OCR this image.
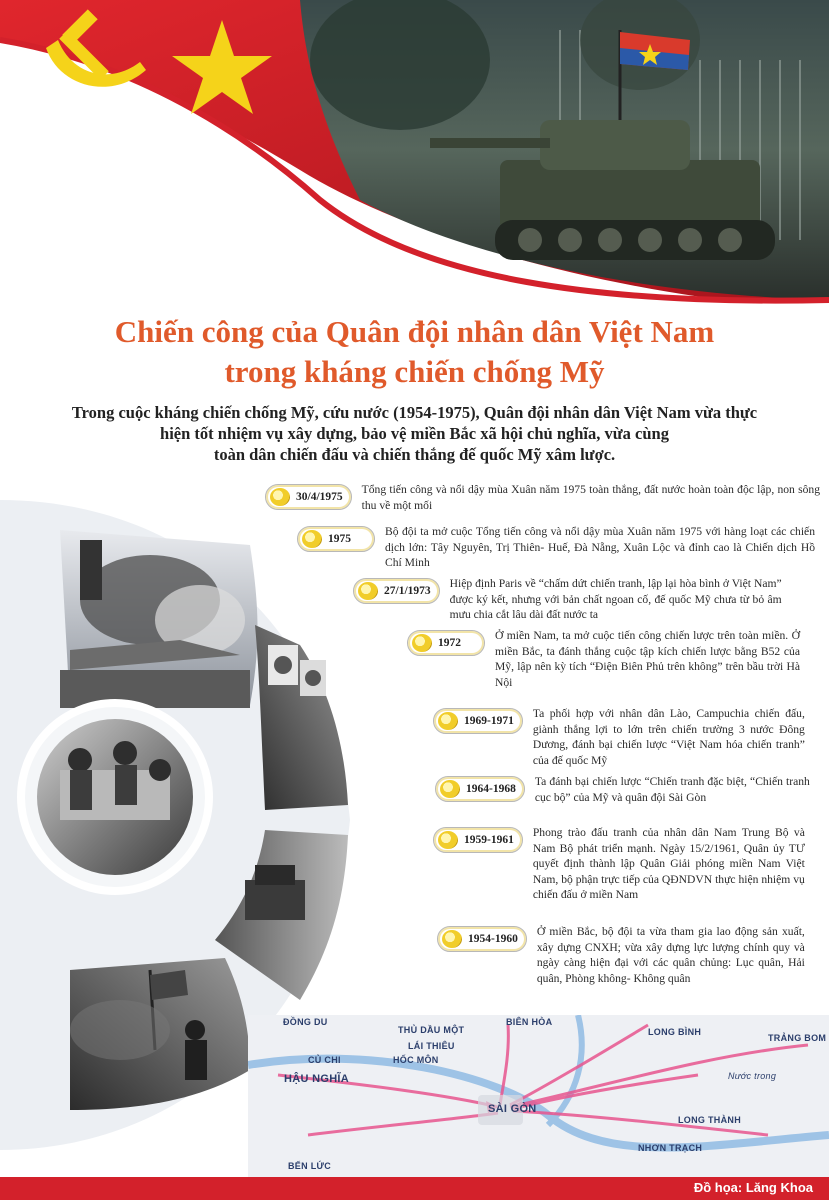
Chiến công của Quân đội nhân dân Việt Nam
trong kháng chiến chống Mỹ
Trong cuộc kháng chiến chống Mỹ, cứu nước (1954-1975), Quân đội nhân dân Việt Nam vừa thực
hiện tốt nhiệm vụ xây dựng, bảo vệ miền Bắc xã hội chủ nghĩa, vừa cùng
toàn dân chiến đấu và chiến thắng đế quốc Mỹ xâm lược.
30/4/1975
Tổng tiến công và nổi dậy mùa Xuân năm 1975 toàn thắng, đất nước hoàn toàn độc lập, non sông thu về một mối
1975
Bộ đội ta mở cuộc Tổng tiến công và nổi dậy mùa Xuân năm 1975 với hàng loạt các chiến dịch lớn: Tây Nguyên, Trị Thiên- Huế, Đà Nẵng, Xuân Lộc và đỉnh cao là Chiến dịch Hồ Chí Minh
27/1/1973
Hiệp định Paris về “chấm dứt chiến tranh, lập lại hòa bình ở Việt Nam” được ký kết, nhưng với bản chất ngoan cố, đế quốc Mỹ chưa từ bỏ âm mưu chia cắt lâu dài đất nước ta
1972
Ở miền Nam, ta mở cuộc tiến công chiến lược trên toàn miền. Ở miền Bắc, ta đánh thắng cuộc tập kích chiến lược bằng B52 của Mỹ, lập nên kỳ tích “Điện Biên Phủ trên không” trên bầu trời Hà Nội
1969-1971
Ta phối hợp với nhân dân Lào, Campuchia chiến đấu, giành thắng lợi to lớn trên chiến trường 3 nước Đông Dương, đánh bại chiến lược “Việt Nam hóa chiến tranh” của đế quốc Mỹ
1964-1968
Ta đánh bại chiến lược “Chiến tranh đặc biệt, “Chiến tranh cục bộ” của Mỹ và quân đội Sài Gòn
1959-1961
Phong trào đấu tranh của nhân dân Nam Trung Bộ và Nam Bộ phát triển mạnh. Ngày 15/2/1961, Quân ủy TƯ quyết định thành lập Quân Giải phóng miền Nam Việt Nam, bộ phận trực tiếp của QĐNDVN thực hiện nhiệm vụ chiến đấu ở miền Nam
1954-1960
Ở miền Bắc, bộ đội ta vừa tham gia lao động sản xuất, xây dựng CNXH; vừa xây dựng lực lượng chính quy và ngày càng hiện đại với các quân chủng: Lục quân, Hải quân, Phòng không- Không quân
ĐỒNG DU
THỦ DẦU MỘT
BIÊN HÒA
LONG BÌNH
TRẢNG BOM
LÁI THIÊU
HỐC MÔN
CỦ CHI
HẬU NGHĨA
SÀI GÒN
LONG THÀNH
NHƠN TRẠCH
BẾN LỨC
Nước trong
Đồ họa: Lăng Khoa
